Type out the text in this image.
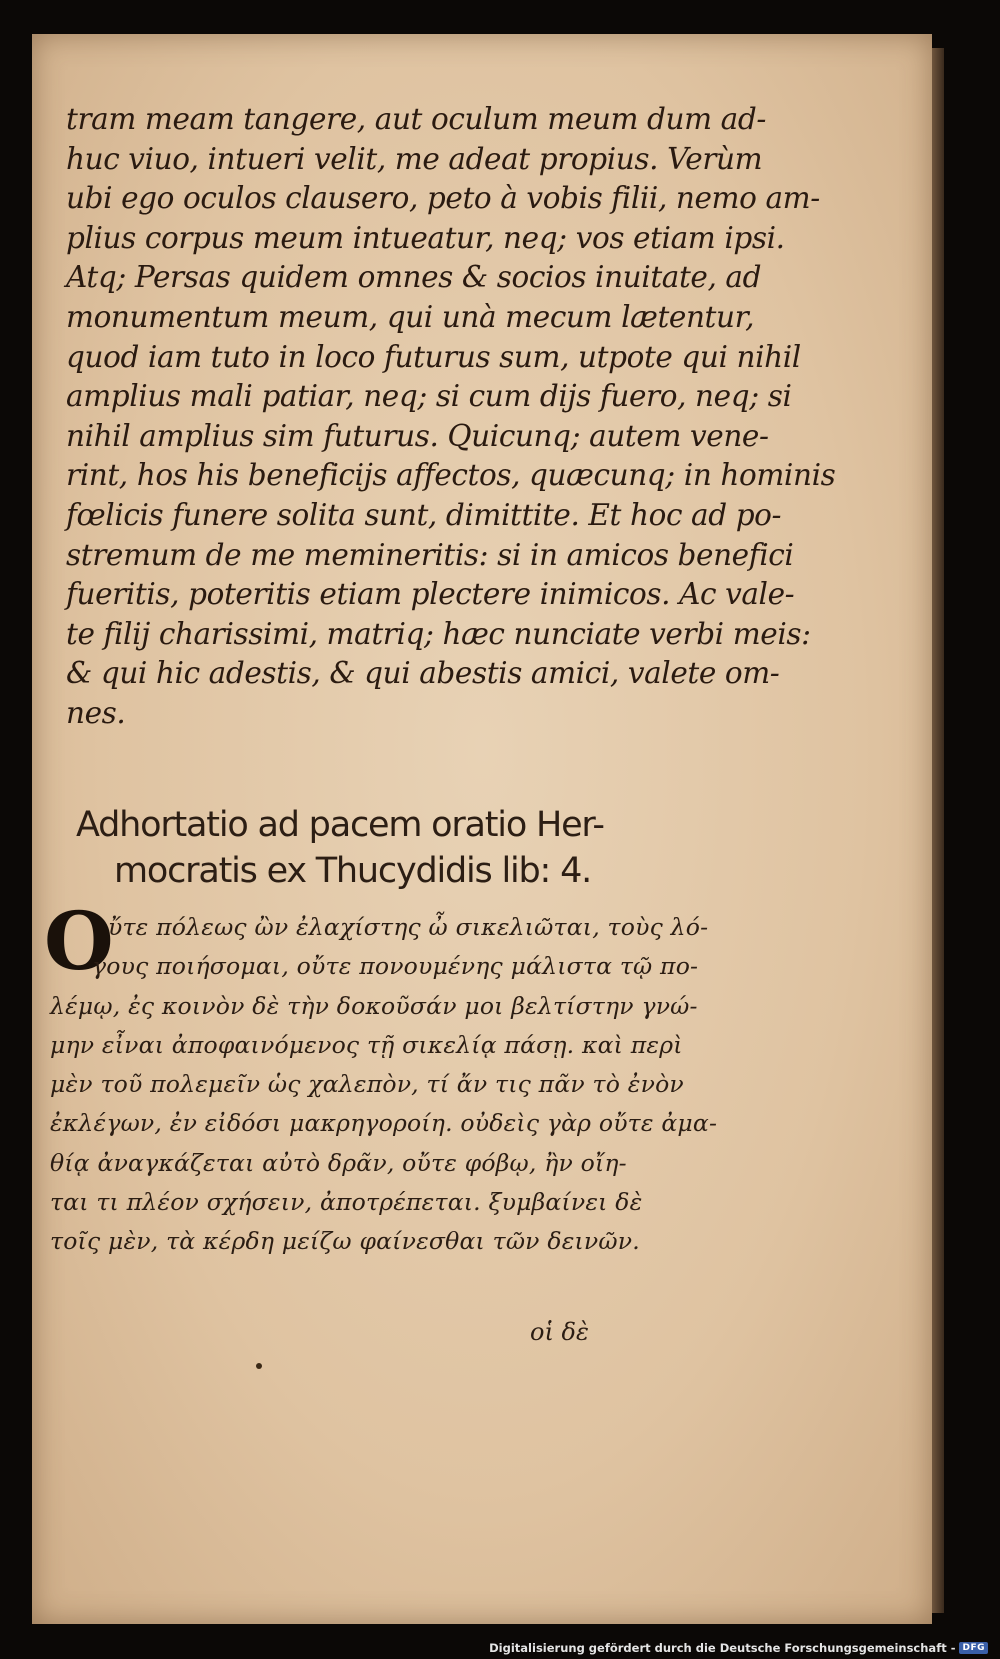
tram meam tangere, aut oculum meum dum ad-
huc viuo, intueri velit, me adeat propius. Verùm
ubi ego oculos clausero, peto à vobis filii, nemo am-
plius corpus meum intueatur, neq; vos etiam ipsi.
Atq; Persas quidem omnes & socios inuitate, ad
monumentum meum, qui unà mecum lætentur,
quod iam tuto in loco futurus sum, utpote qui nihil
amplius mali patiar, neq; si cum dijs fuero, neq; si
nihil amplius sim futurus. Quicunq; autem vene-
rint, hos his beneficijs affectos, quæcunq; in hominis
fœlicis funere solita sunt, dimittite. Et hoc ad po-
stremum de me memineritis: si in amicos benefici
fueritis, poteritis etiam plectere inimicos. Ac vale-
te filij charissimi, matriq; hæc nunciate verbi meis:
& qui hic adestis, & qui abestis amici, valete om-
nes.
Adhortatio ad pacem oratio Her-
mocratis ex Thucydidis lib: 4.
O
ὔτε πόλεως ὢν ἐλαχίστης ὦ σικελιῶται, τοὺς λό-
γους ποιήσομαι, οὔτε πονουμένης μάλιστα τῷ πο-
λέμῳ, ἐς κοινὸν δὲ τὴν δοκοῦσάν μοι βελτίστην γνώ-
μην εἶναι ἀποφαινόμενος τῇ σικελίᾳ πάσῃ. καὶ περὶ
μὲν τοῦ πολεμεῖν ὡς χαλεπὸν, τί ἄν τις πᾶν τὸ ἐνὸν
ἐκλέγων, ἐν εἰδόσι μακρηγοροίη. οὐδεὶς γὰρ οὔτε ἀμα-
θίᾳ ἀναγκάζεται αὐτὸ δρᾶν, οὔτε φόβῳ, ἢν οἴη-
ται τι πλέον σχήσειν, ἀποτρέπεται. ξυμβαίνει δὲ
τοῖς μὲν, τὰ κέρδη μείζω φαίνεσθαι τῶν δεινῶν.
οἱ δὲ
Digitalisierung gefördert durch die Deutsche Forschungsgemeinschaft - DFG
